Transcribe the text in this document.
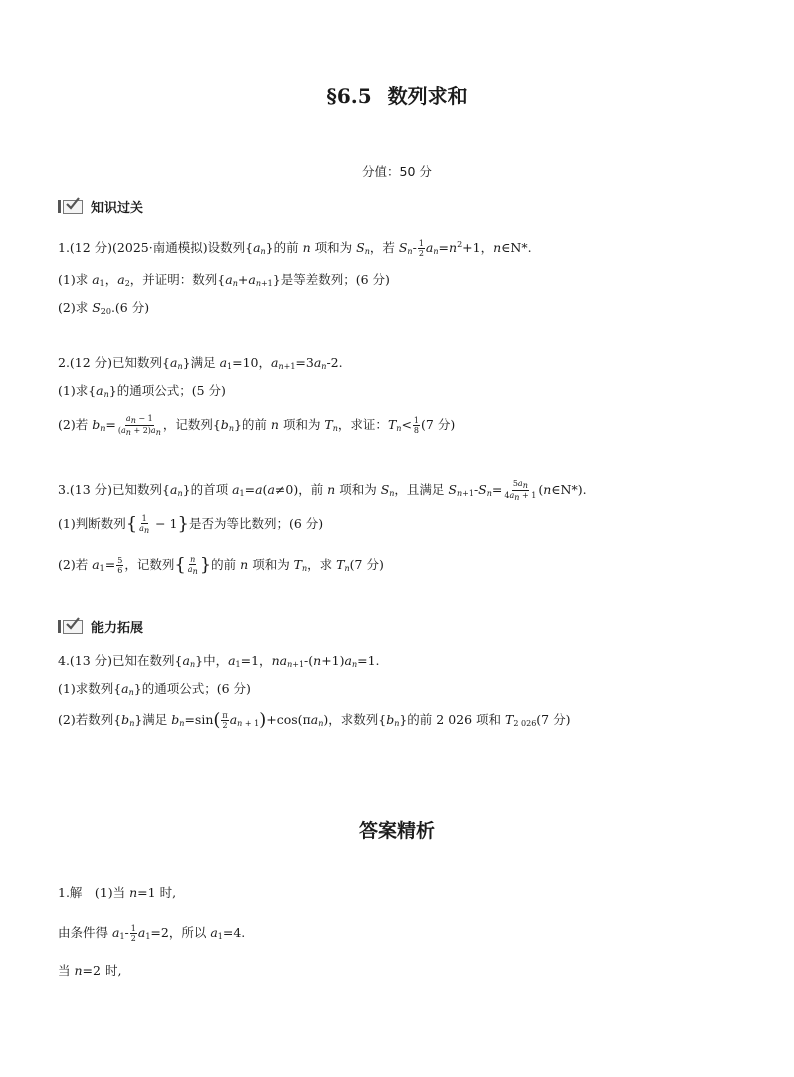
§6.5 数列求和
分值：50 分
知识过关
1.(12 分)(2025·南通模拟)设数列$\{a_n\}$的前 n 项和为 $S_n$，若 $S_n- \frac{1}{2} a_n=n^2+1$，n∈N*.
(1)求 $a_1$，$a_2$，并证明：数列$\{a_n+a_{n+1}\}$是等差数列；(6 分)
(2)求 $S_{20}.(6$ 分)
2.(12 分)已知数列$\{a_n\}$满足 $a_1=10$，$a_{n+1}=3a_n-2$.
(1)求$\{a_n\}$的通项公式；(5 分)
(2)若 $b_n= \frac{a_n - 1}{(a_n + 2)a_n}$ ，记数列$\{b_n\}$的前 n 项和为 $T_n$，求证：$T_n< \frac{1}{8} (7$ 分)
3.(13 分)已知数列$\{a_n\}$的首项 $a_1=a(a\ne 0)$，前 n 项和为 $S_n$，且满足 $S_{n+1}-S_n= \frac{5a_n}{4a_n + 1}$ (n∈N*).
(1)判断数列{ $\frac{1}{a_n} - 1$}是否为等比数列；(6 分)
(2)若 $a_1= \frac{5}{6}$ ，记数列{ $\frac{n}{a_n}$ }的前 n 项和为 $T_n$，求 $T_n(7$ 分)
能力拓展
4.(13 分)已知在数列$\{a_n\}$中，$a_1=1$，$na_{n+1}-(n+1)a_n=1$.
(1)求数列$\{a_n\}$的通项公式；(6 分)
(2)若数列$\{b_n\}$满足 $b_n=\sin( \frac{\pi}{2} a_n$ $_{+ 1})+\cos(\pi a_n)$，求数列$\{b_n\}$的前 2 026 项和 $T_{2 026}(7$ 分)
答案精析
1.解　(1)当 n=1 时,
由条件得 $a_1- \frac{1}{2} a_1=2$，所以 $a_1=4$.
当 n=2 时,
